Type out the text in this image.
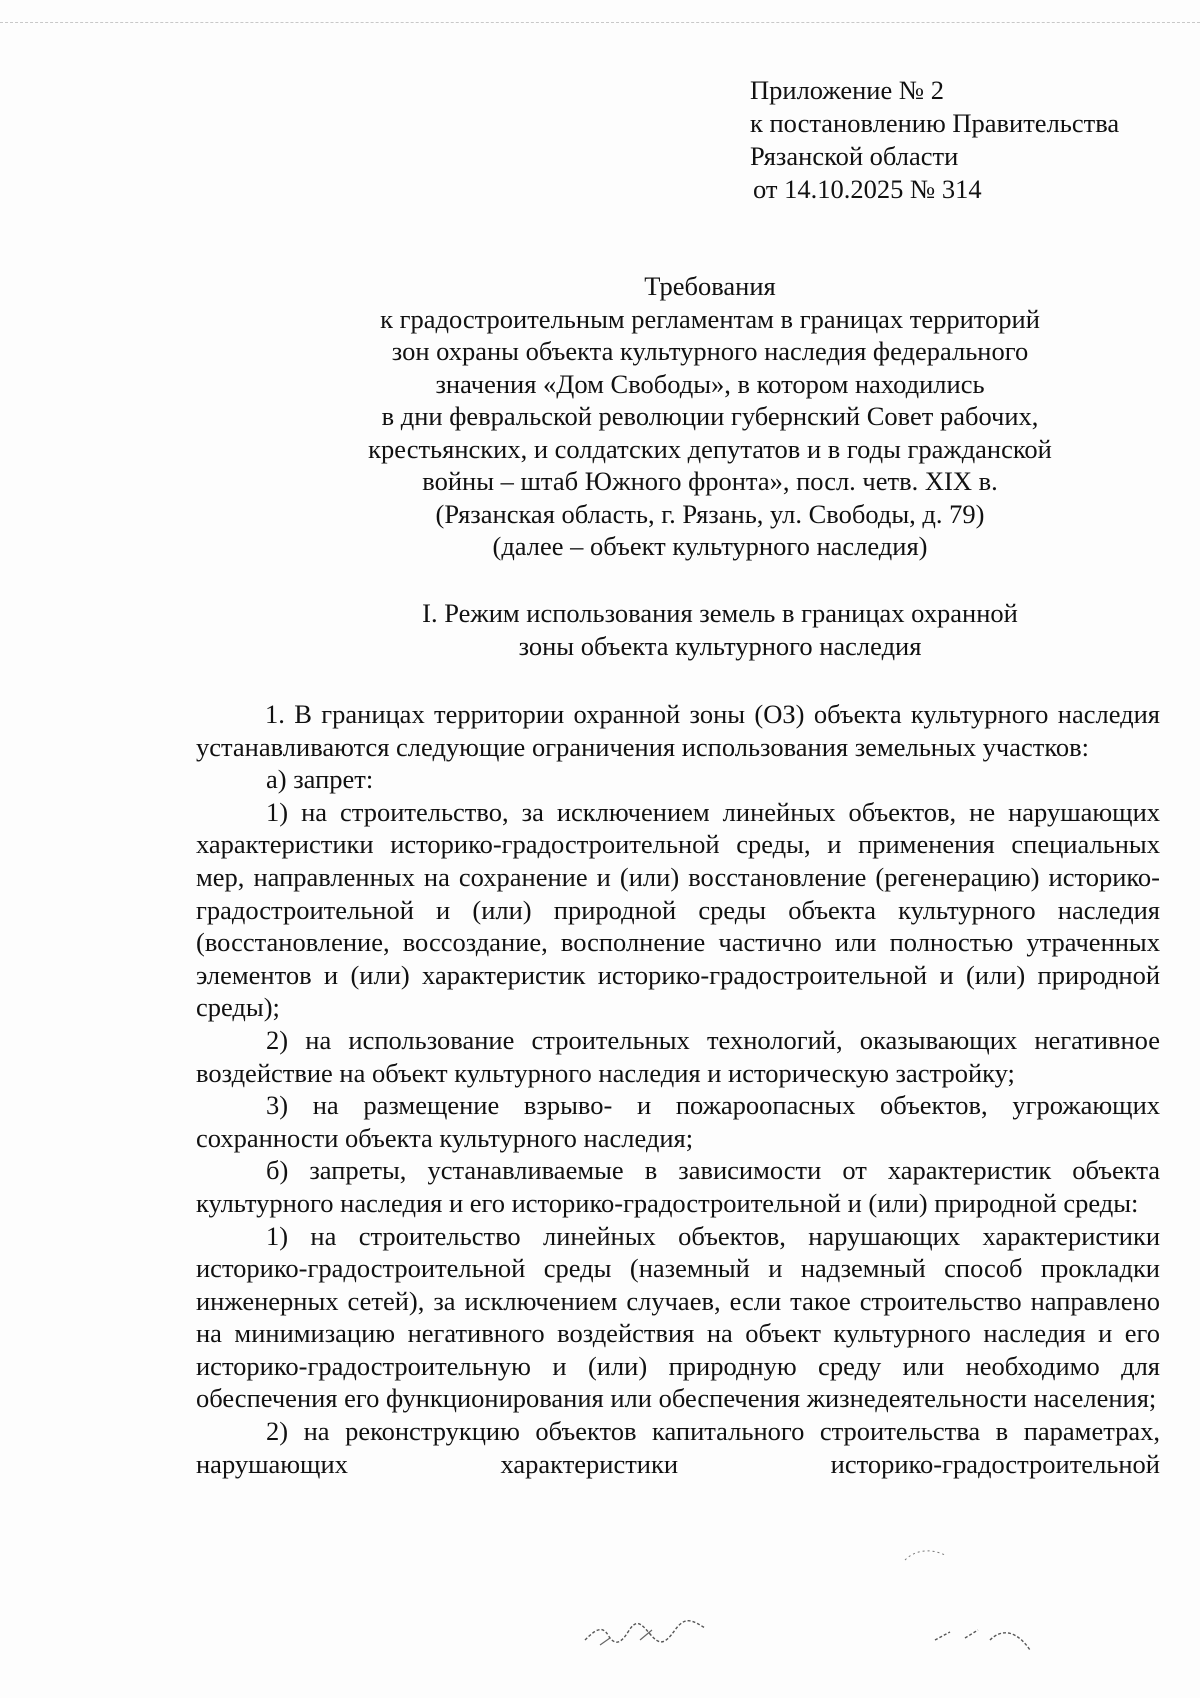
Приложение № 2
к постановлению Правительства
Рязанской области
от 14.10.2025 № 314
Требования
к градостроительным регламентам в границах территорий
зон охраны объекта культурного наследия федерального
значения «Дом Свободы», в котором находились
в дни февральской революции губернский Совет рабочих,
крестьянских, и солдатских депутатов и в годы гражданской
войны – штаб Южного фронта», посл. четв. XIX в.
(Рязанская область, г. Рязань, ул. Свободы, д. 79)
(далее – объект культурного наследия)
I. Режим использования земель в границах охранной
зоны объекта культурного наследия

1. В границах территории охранной зоны (ОЗ) объекта культурного наследия устанавливаются следующие ограничения использования земельных участков:

а) запрет:

1) на строительство, за исключением линейных объектов, не нарушающих характеристики историко-градостроительной среды, и применения специальных мер, направленных на сохранение и (или) восстановление (регенерацию) историко-градостроительной и (или) природной среды объекта культурного наследия (восстановление, воссоздание, восполнение частично или полностью утраченных элементов и (или) характеристик историко-градостроительной и (или) природной среды);

2) на использование строительных технологий, оказывающих негативное воздействие на объект культурного наследия и историческую застройку;

3) на размещение взрыво- и пожароопасных объектов, угрожающих сохранности объекта культурного наследия;

б) запреты, устанавливаемые в зависимости от характеристик объекта культурного наследия и его историко-градостроительной и (или) природной среды:

1) на строительство линейных объектов, нарушающих характеристики историко-градостроительной среды (наземный и надземный способ прокладки инженерных сетей), за исключением случаев, если такое строительство направлено на минимизацию негативного воздействия на объект культурного наследия и его историко-градостроительную и (или) природную среду или необходимо для обеспечения его функционирования или обеспечения жизнедеятельности населения;

2) на реконструкцию объектов капитального строительства в параметрах, нарушающих характеристики историко-градостроительной
